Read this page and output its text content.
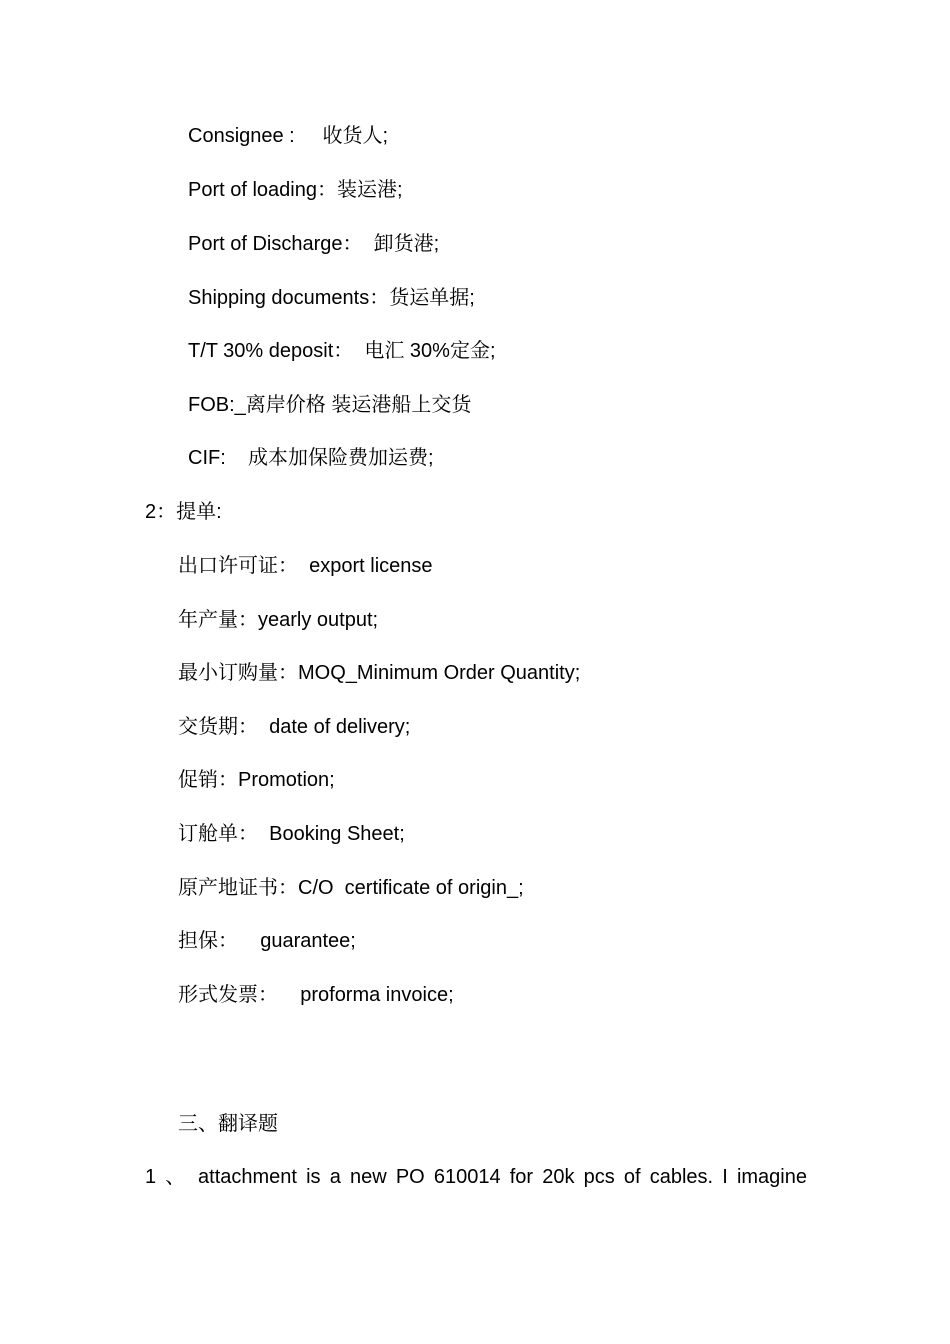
Consignee :     收货人;
Port of loading：装运港;
Port of Discharge：  卸货港;
Shipping documents：货运单据;
T/T 30% deposit：  电汇 30%定金;
FOB:_离岸价格 装运港船上交货
CIF:    成本加保险费加运费;
2：提单:
出口许可证：  export license
年产量：yearly output;
最小订购量：MOQ_Minimum Order Quantity;
交货期：  date of delivery;
促销：Promotion;
订舱单：  Booking Sheet;
原产地证书：C/O  certificate of origin_;
担保：    guarantee;
形式发票：    proforma invoice;
三、翻译题
1 、 attachment is a new PO 610014 for 20k pcs of cables. I imagine
